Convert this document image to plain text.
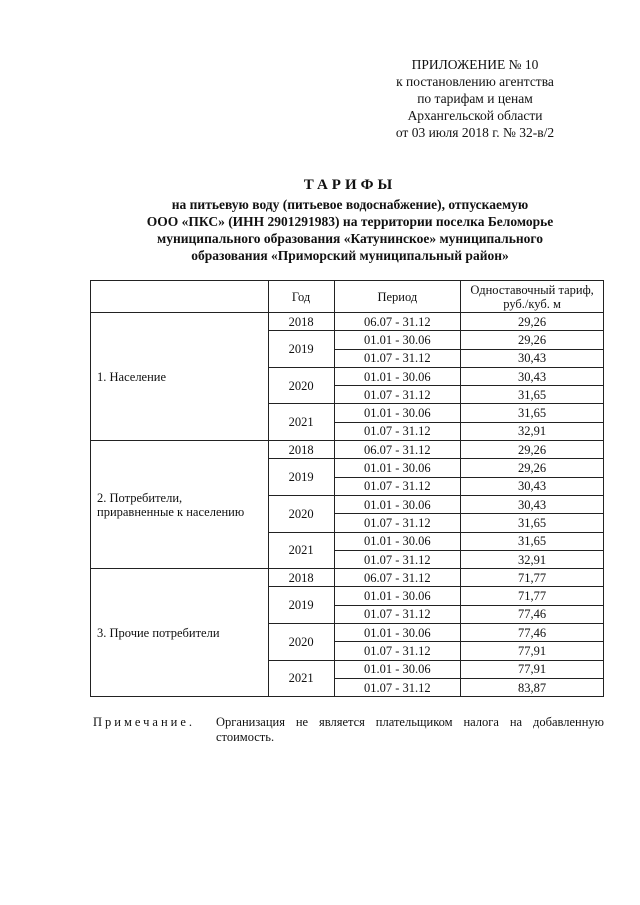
ПРИЛОЖЕНИЕ № 10
к постановлению агентства
по тарифам и ценам
Архангельской области
от 03 июля 2018 г. № 32-в/2
ТАРИФЫ
на питьевую воду (питьевое водоснабжение), отпускаемую
ООО «ПКС» (ИНН 2901291983) на территории поселка Беломорье
муниципального образования «Катунинское» муниципального
образования «Приморский муниципальный район»
	Год	Период	Одноставочный тариф,
руб./куб. м

1. Население	2018	06.07 - 31.12	29,26
	2019	01.01 - 30.06	29,26
		01.07 - 31.12	30,43
	2020	01.01 - 30.06	30,43
		01.07 - 31.12	31,65
	2021	01.01 - 30.06	31,65
		01.07 - 31.12	32,91

2. Потребители,
приравненные к населению	2018	06.07 - 31.12	29,26
	2019	01.01 - 30.06	29,26
		01.07 - 31.12	30,43
	2020	01.01 - 30.06	30,43
		01.07 - 31.12	31,65
	2021	01.01 - 30.06	31,65
		01.07 - 31.12	32,91

3. Прочие потребители	2018	06.07 - 31.12	71,77
	2019	01.01 - 30.06	71,77
		01.07 - 31.12	77,46
	2020	01.01 - 30.06	77,46
		01.07 - 31.12	77,91
	2021	01.01 - 30.06	77,91
		01.07 - 31.12	83,87
Примечание. Организация не является плательщиком налога на добавленную стоимость.
